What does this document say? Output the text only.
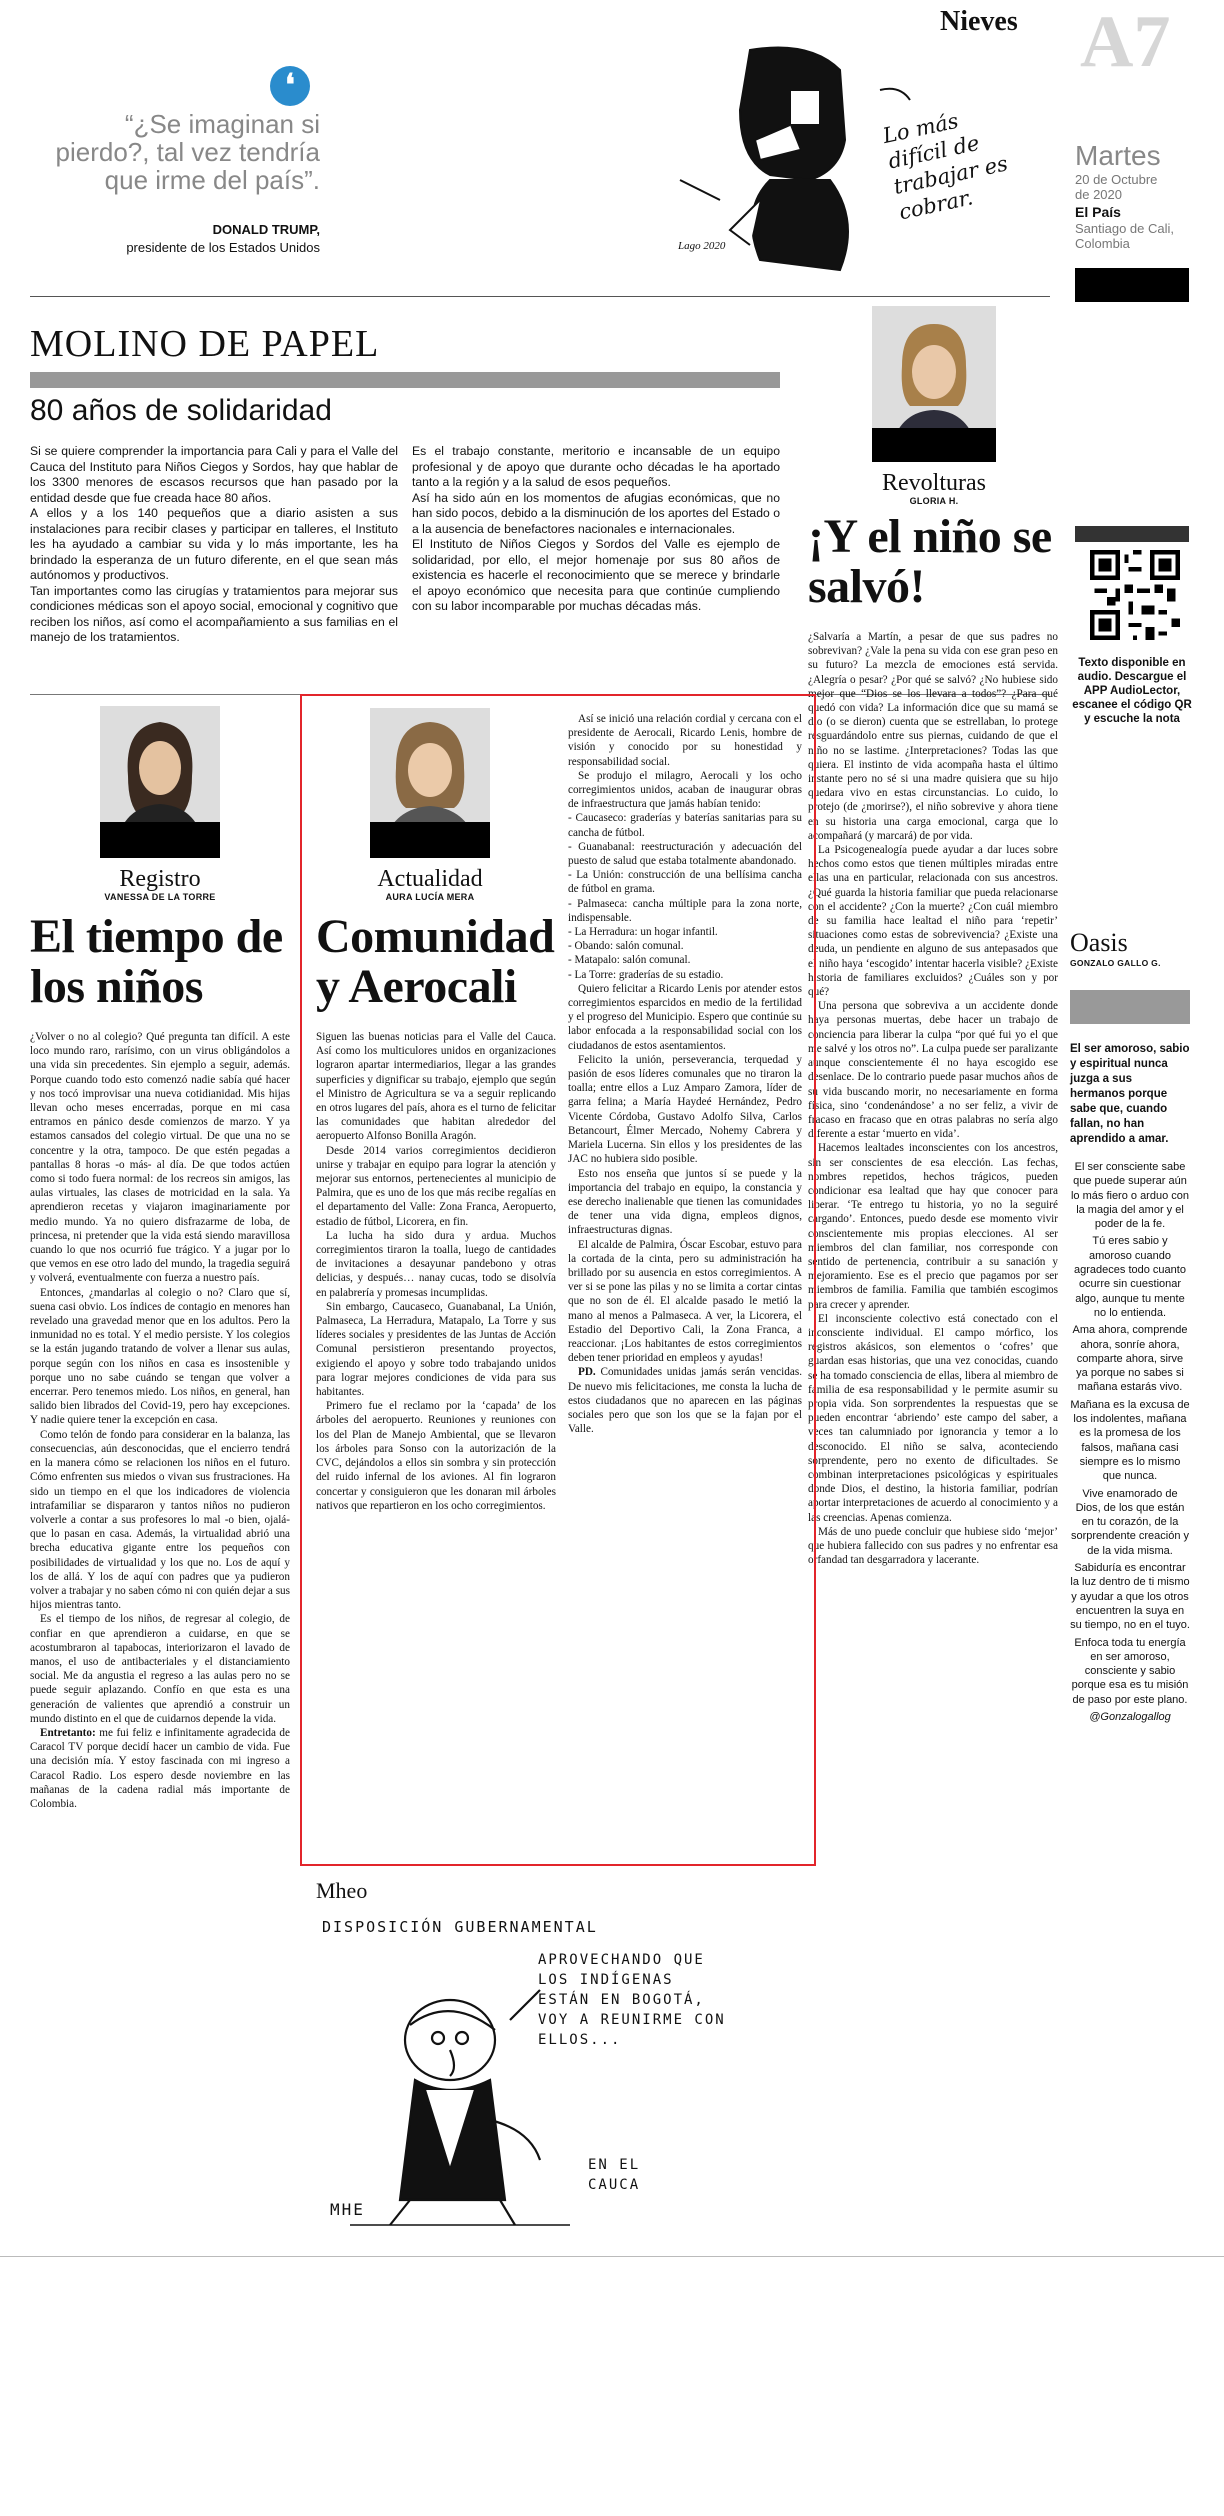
Nieves A7
Martes
20 de Octubre
de 2020
El País
Santiago de Cali,
Colombia
❛
“¿Se imaginan si pierdo?, tal vez tendría que irme del país”.
DONALD TRUMP,
presidente de los Estados Unidos
Lo más difícil de trabajar es cobrar.
Lago 2020
MOLINO DE PAPEL
80 años de solidaridad

Si se quiere comprender la importancia para Cali y para el Valle del Cauca del Instituto para Niños Ciegos y Sordos, hay que hablar de los 3300 menores de escasos recursos que han pasado por la entidad desde que fue creada hace 80 años.

A ellos y a los 140 pequeños que a diario asisten a sus instalaciones para recibir clases y participar en talleres, el Instituto les ha ayudado a cambiar su vida y lo más importante, les ha brindado la esperanza de un futuro diferente, en el que sean más autónomos y productivos.

Tan importantes como las cirugías y tratamientos para mejorar sus condiciones médicas son el apoyo social, emocional y cognitivo que reciben los niños, así como el acompañamiento a sus familias en el manejo de los tratamientos.

Es el trabajo constante, meritorio e incansable de un equipo profesional y de apoyo que durante ocho décadas le ha aportado tanto a la región y a la salud de esos pequeños.

Así ha sido aún en los momentos de afugias económicas, que no han sido pocos, debido a la disminución de los aportes del Estado o a la ausencia de benefactores nacionales e internacionales.

El Instituto de Niños Ciegos y Sordos del Valle es ejemplo de solidaridad, por ello, el mejor homenaje por sus 80 años de existencia es hacerle el reconocimiento que se merece y brindarle el apoyo económico que necesita para que continúe cumpliendo con su labor incomparable por muchas décadas más.

Revolturas
GLORIA H.
¡Y el niño se salvó!

¿Salvaría a Martín, a pesar de que sus padres no sobrevivan? ¿Vale la pena su vida con ese gran peso en su futuro? La mezcla de emociones está servida. ¿Alegría o pesar? ¿Por qué se salvó? ¿No hubiese sido mejor que “Dios se los llevara a todos”? ¿Para qué quedó con vida? La información dice que su mamá se dio (o se dieron) cuenta que se estrellaban, lo protege resguardándolo entre sus piernas, cuidando de que el niño no se lastime. ¿Interpretaciones? Todas las que quiera. El instinto de vida acompaña hasta el último instante pero no sé si una madre quisiera que su hijo quedara vivo en estas circunstancias. Lo cuido, lo protejo (de ¿morirse?), el niño sobrevive y ahora tiene en su historia una carga emocional, carga que lo acompañará (y marcará) de por vida.

La Psicogenealogía puede ayudar a dar luces sobre hechos como estos que tienen múltiples miradas entre ellas una en particular, relacionada con sus ancestros. ¿Qué guarda la historia familiar que pueda relacionarse con el accidente? ¿Con la muerte? ¿Con cuál miembro de su familia hace lealtad el niño para ‘repetir’ situaciones como estas de sobrevivencia? ¿Existe una deuda, un pendiente en alguno de sus antepasados que el niño haya ‘escogido’ intentar hacerla visible? ¿Existe historia de familiares excluidos? ¿Cuáles son y por qué?

Una persona que sobreviva a un accidente donde haya personas muertas, debe hacer un trabajo de conciencia para liberar la culpa “por qué fui yo el que me salvé y los otros no”. La culpa puede ser paralizante aunque conscientemente él no haya escogido ese desenlace. De lo contrario puede pasar muchos años de su vida buscando morir, no necesariamente en forma física, sino ‘condenándose’ a no ser feliz, a vivir de fracaso en fracaso que en otras palabras no sería algo diferente a estar ‘muerto en vida’.

Hacemos lealtades inconscientes con los ancestros, sin ser conscientes de esa elección. Las fechas, nombres repetidos, hechos trágicos, pueden condicionar esa lealtad que hay que conocer para liberar. ‘Te entrego tu historia, yo no la seguiré cargando’. Entonces, puedo desde ese momento vivir conscientemente mis propias elecciones. Al ser miembros del clan familiar, nos corresponde con sentido de pertenencia, contribuir a su sanación y mejoramiento. Ese es el precio que pagamos por ser miembros de familia. Familia que también escogimos para crecer y aprender.

El inconsciente colectivo está conectado con el inconsciente individual. El campo mórfico, los registros akásicos, son elementos o ‘cofres’ que guardan esas historias, que una vez conocidas, cuando se ha tomado consciencia de ellas, libera al miembro de familia de esa responsabilidad y le permite asumir su propia vida. Son sorprendentes la respuestas que se pueden encontrar ‘abriendo’ este campo del saber, a veces tan calumniado por ignorancia y temor a lo desconocido. El niño se salva, aconteciendo sorprendente, pero no exento de dificultades. Se combinan interpretaciones psicológicas y espirituales donde Dios, el destino, la historia familiar, podrían aportar interpretaciones de acuerdo al conocimiento y a las creencias. Apenas comienza.

Más de uno puede concluir que hubiese sido ‘mejor’ que hubiera fallecido con sus padres y no enfrentar esa orfandad tan desgarradora y lacerante.

Texto disponible en audio. Descargue el APP AudioLector, escanee el código QR y escuche la nota
Oasis
GONZALO GALLO G.
El ser amoroso, sabio y espiritual nunca juzga a sus hermanos porque sabe que, cuando fallan, no han aprendido a amar.

El ser consciente sabe que puede superar aún lo más fiero o arduo con la magia del amor y el poder de la fe.

Tú eres sabio y amoroso cuando agradeces todo cuanto ocurre sin cuestionar algo, aunque tu mente no lo entienda.

Ama ahora, comprende ahora, sonríe ahora, comparte ahora, sirve ya porque no sabes si mañana estarás vivo.

Mañana es la excusa de los indolentes, mañana es la promesa de los falsos, mañana casi siempre es lo mismo que nunca.

Vive enamorado de Dios, de los que están en tu corazón, de la sorprendente creación y de la vida misma.

Sabiduría es encontrar la luz dentro de ti mismo y ayudar a que los otros encuentren la suya en su tiempo, no en el tuyo.

Enfoca toda tu energía en ser amoroso, consciente y sabio porque esa es tu misión de paso por este plano.

@Gonzalogallog

Registro
VANESSA DE LA TORRE
El tiempo de los niños

¿Volver o no al colegio? Qué pregunta tan difícil. A este loco mundo raro, rarísimo, con un virus obligándolos a una vida sin precedentes. Sin ejemplo a seguir, además. Porque cuando todo esto comenzó nadie sabía qué hacer y nos tocó improvisar una nueva cotidianidad. Mis hijas llevan ocho meses encerradas, porque en mi casa entramos en pánico desde comienzos de marzo. Y ya estamos cansados del colegio virtual. De que una no se concentre y la otra, tampoco. De que estén pegadas a pantallas 8 horas -o más- al día. De que todos actúen como si todo fuera normal: de los recreos sin amigos, las aulas virtuales, las clases de motricidad en la sala. Ya aprendieron recetas y viajaron imaginariamente por medio mundo. Ya no quiero disfrazarme de loba, de princesa, ni pretender que la vida está siendo maravillosa cuando lo que nos ocurrió fue trágico. Y a jugar por lo que vemos en ese otro lado del mundo, la tragedia seguirá y volverá, eventualmente con fuerza a nuestro país.

Entonces, ¿mandarlas al colegio o no? Claro que sí, suena casi obvio. Los índices de contagio en menores han revelado una gravedad menor que en los adultos. Pero la inmunidad no es total. Y el medio persiste. Y los colegios se la están jugando tratando de volver a llenar sus aulas, porque según con los niños en casa es insostenible y porque uno no sabe cuándo se tengan que volver a encerrar. Pero tenemos miedo. Los niños, en general, han salido bien librados del Covid-19, pero hay excepciones. Y nadie quiere tener la excepción en casa.

Como telón de fondo para considerar en la balanza, las consecuencias, aún desconocidas, que el encierro tendrá en la manera cómo se relacionen los niños en el futuro. Cómo enfrenten sus miedos o vivan sus frustraciones. Ha sido un tiempo en el que los indicadores de violencia intrafamiliar se dispararon y tantos niños no pudieron volverle a contar a sus profesores lo mal -o bien, ojalá- que lo pasan en casa. Además, la virtualidad abrió una brecha educativa gigante entre los pequeños con posibilidades de virtualidad y los que no. Los de aquí y los de allá. Y los de aquí con padres que ya pudieron volver a trabajar y no saben cómo ni con quién dejar a sus hijos mientras tanto.

Es el tiempo de los niños, de regresar al colegio, de confiar en que aprendieron a cuidarse, en que se acostumbraron al tapabocas, interiorizaron el lavado de manos, el uso de antibacteriales y el distanciamiento social. Me da angustia el regreso a las aulas pero no se puede seguir aplazando. Confío en que esta es una generación de valientes que aprendió a construir un mundo distinto en el que de cuidarnos depende la vida.

Entretanto: me fui feliz e infinitamente agradecida de Caracol TV porque decidí hacer un cambio de vida. Fue una decisión mía. Y estoy fascinada con mi ingreso a Caracol Radio. Los espero desde noviembre en las mañanas de la cadena radial más importante de Colombia.

Actualidad
AURA LUCÍA MERA
Comunidad y Aerocali

Siguen las buenas noticias para el Valle del Cauca. Así como los multiculores unidos en organizaciones lograron apartar intermediarios, llegar a las grandes superficies y dignificar su trabajo, ejemplo que según el Ministro de Agricultura se va a seguir replicando en otros lugares del país, ahora es el turno de felicitar las comunidades que habitan alrededor del aeropuerto Alfonso Bonilla Aragón.

Desde 2014 varios corregimientos decidieron unirse y trabajar en equipo para lograr la atención y mejorar sus entornos, pertenecientes al municipio de Palmira, que es uno de los que más recibe regalías en el departamento del Valle: Zona Franca, Aeropuerto, estadio de fútbol, Licorera, en fin.

La lucha ha sido dura y ardua. Muchos corregimientos tiraron la toalla, luego de cantidades de invitaciones a desayunar pandebono y otras delicias, y después… nanay cucas, todo se disolvía en palabrería y promesas incumplidas.

Sin embargo, Caucaseco, Guanabanal, La Unión, Palmaseca, La Herradura, Matapalo, La Torre y sus líderes sociales y presidentes de las Juntas de Acción Comunal persistieron presentando proyectos, exigiendo el apoyo y sobre todo trabajando unidos para lograr mejores condiciones de vida para sus habitantes.

Primero fue el reclamo por la ‘capada’ de los árboles del aeropuerto. Reuniones y reuniones con los del Plan de Manejo Ambiental, que se llevaron los árboles para Sonso con la autorización de la CVC, dejándolos a ellos sin sombra y sin protección del ruido infernal de los aviones. Al fin lograron concertar y consiguieron que les donaran mil árboles nativos que repartieron en los ocho corregimientos.

Así se inició una relación cordial y cercana con el presidente de Aerocali, Ricardo Lenis, hombre de visión y conocido por su honestidad y responsabilidad social.

Se produjo el milagro, Aerocali y los ocho corregimientos unidos, acaban de inaugurar obras de infraestructura que jamás habían tenido:

- Caucaseco: graderías y baterías sanitarias para su cancha de fútbol.

- Guanabanal: reestructuración y adecuación del puesto de salud que estaba totalmente abandonado.

- La Unión: construcción de una bellísima cancha de fútbol en grama.

- Palmaseca: cancha múltiple para la zona norte, indispensable.

- La Herradura: un hogar infantil.

- Obando: salón comunal.

- Matapalo: salón comunal.

- La Torre: graderías de su estadio.

Quiero felicitar a Ricardo Lenis por atender estos corregimientos esparcidos en medio de la fertilidad y el progreso del Municipio. Espero que continúe su labor enfocada a la responsabilidad social con los ciudadanos de estos asentamientos.

Felicito la unión, perseverancia, terquedad y pasión de esos líderes comunales que no tiraron la toalla; entre ellos a Luz Amparo Zamora, líder de garra felina; a María Haydeé Hernández, Pedro Vicente Córdoba, Gustavo Adolfo Silva, Carlos Betancourt, Élmer Mercado, Nohemy Cabrera y Mariela Lucerna. Sin ellos y los presidentes de las JAC no hubiera sido posible.

Esto nos enseña que juntos sí se puede y la importancia del trabajo en equipo, la constancia y ese derecho inalienable que tienen las comunidades de tener una vida digna, empleos dignos, infraestructuras dignas.

El alcalde de Palmira, Óscar Escobar, estuvo para la cortada de la cinta, pero su administración ha brillado por su ausencia en estos corregimientos. A ver si se pone las pilas y no se limita a cortar cintas que no son de él. El alcalde pasado le metió la mano al menos a Palmaseca. A ver, la Licorera, el Estadio del Deportivo Cali, la Zona Franca, a reaccionar. ¡Los habitantes de estos corregimientos deben tener prioridad en empleos y ayudas!

PD. Comunidades unidas jamás serán vencidas. De nuevo mis felicitaciones, me consta la lucha de estos ciudadanos que no aparecen en las páginas sociales pero que son los que se la fajan por el Valle.

Mheo
DISPOSICIÓN GUBERNAMENTAL
APROVECHANDO QUE LOS INDÍGENAS ESTÁN EN BOGOTÁ, VOY A REUNIRME CON ELLOS...
EN EL CAUCA
MHE
